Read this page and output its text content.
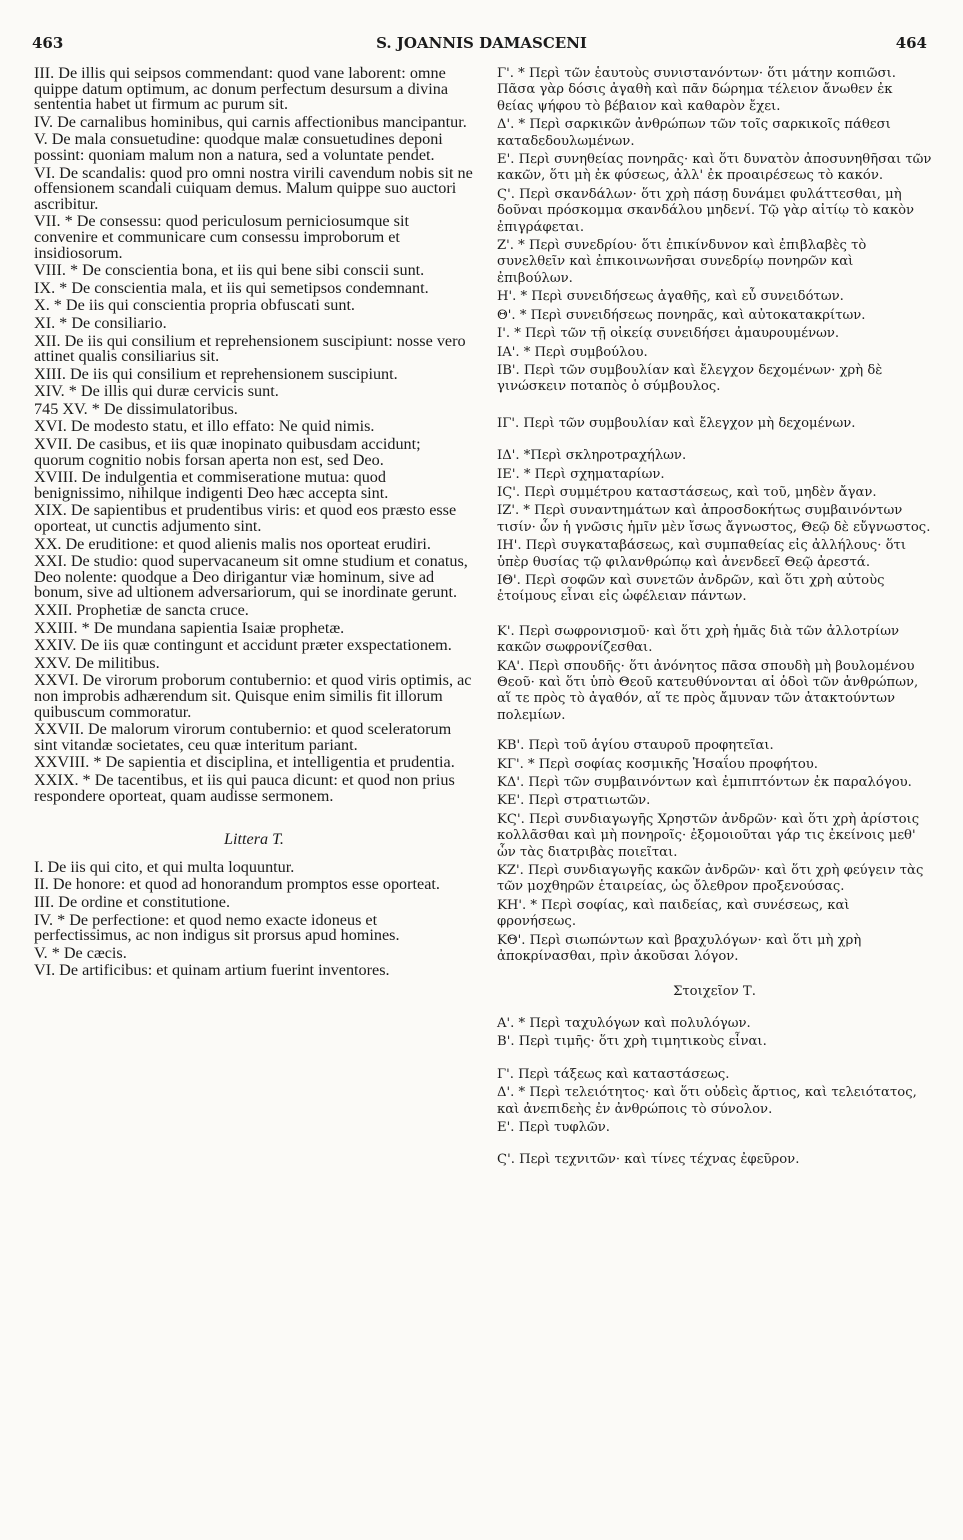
S. JOANNIS DAMASCENI
463	464
III. De illis qui seipsos commendant: quod vane laborent: omne quippe datum optimum, ac donum perfectum desursum a divina sententia habet ut firmum ac purum sit.
IV. De carnalibus hominibus, qui carnis affectionibus mancipantur.
V. De mala consuetudine: quodque malæ consuetudines deponi possint: quoniam malum non a natura, sed a voluntate pendet.
VI. De scandalis: quod pro omni nostra virili cavendum nobis sit ne offensionem scandali cuiquam demus. Malum quippe suo auctori ascribitur.
VII. * De consessu: quod periculosum perniciosumque sit convenire et communicare cum consessu improborum et insidiosorum.
VIII. * De conscientia bona, et iis qui bene sibi conscii sunt.
IX. * De conscientia mala, et iis qui semetipsos condemnant.
X. * De iis qui conscientia propria obfuscati sunt.
XI. * De consiliario.
XII. De iis qui consilium et reprehensionem suscipiunt: nosse vero attinet qualis consiliarius sit.
XIII. De iis qui consilium et reprehensionem suscipiunt.
XIV. * De illis qui duræ cervicis sunt.
745 XV. * De dissimulatoribus.
XVI. De modesto statu, et illo effato: Ne quid nimis.
XVII. De casibus, et iis quæ inopinato quibusdam accidunt; quorum cognitio nobis forsan aperta non est, sed Deo.
XVIII. De indulgentia et commiseratione mutua: quod benignissimo, nihilque indigenti Deo hæc accepta sint.
XIX. De sapientibus et prudentibus viris: et quod eos præsto esse oporteat, ut cunctis adjumento sint.
XX. De eruditione: et quod alienis malis nos oporteat erudiri.
XXI. De studio: quod supervacaneum sit omne studium et conatus, Deo nolente: quodque a Deo dirigantur viæ hominum, sive ad bonum, sive ad ultionem adversariorum, qui se inordinate gerunt.
XXII. Prophetiæ de sancta cruce.
XXIII. * De mundana sapientia Isaiæ prophetæ.
XXIV. De iis quæ contingunt et accidunt præter exspectationem.
XXV. De militibus.
XXVI. De virorum proborum contubernio: et quod viris optimis, ac non improbis adhærendum sit. Quisque enim similis fit illorum quibuscum commoratur.
XXVII. De malorum virorum contubernio: et quod sceleratorum sint vitandæ societates, ceu quæ interitum pariant.
XXVIII. * De sapientia et disciplina, et intelligentia et prudentia.
XXIX. * De tacentibus, et iis qui pauca dicunt: et quod non prius respondere oporteat, quam audisse sermonem.
Littera T.
I. De iis qui cito, et qui multa loquuntur.
II. De honore: et quod ad honorandum promptos esse oporteat.
III. De ordine et constitutione.
IV. * De perfectione: et quod nemo exacte idoneus et perfectissimus, ac non indigus sit prorsus apud homines.
V. * De cæcis.
VI. De artificibus: et quinam artium fuerint inventores.
Γ'. * Περὶ τῶν ἑαυτοὺς συνιστανόντων· ὅτι μάτην κοπιῶσι. Πᾶσα γὰρ δόσις ἀγαθὴ καὶ πᾶν δώρημα τέλειον ἄνωθεν ἐκ θείας ψήφου τὸ βέβαιον καὶ καθαρὸν ἔχει.
Δ'. * Περὶ σαρκικῶν ἀνθρώπων τῶν τοῖς σαρκικοῖς πάθεσι καταδεδουλωμένων.
Ε'. Περὶ συνηθείας πονηρᾶς· καὶ ὅτι δυνατὸν ἀποσυνηθῆσαι τῶν κακῶν, ὅτι μὴ ἐκ φύσεως, ἀλλ' ἐκ προαιρέσεως τὸ κακόν.
Ϛ'. Περὶ σκανδάλων· ὅτι χρὴ πάσῃ δυνάμει φυλάττεσθαι, μὴ δοῦναι πρόσκομμα σκανδάλου μηδενί. Τῷ γὰρ αἰτίῳ τὸ κακὸν ἐπιγράφεται.
Ζ'. * Περὶ συνεδρίου· ὅτι ἐπικίνδυνον καὶ ἐπιβλαβὲς τὸ συνελθεῖν καὶ ἐπικοινωνῆσαι συνεδρίῳ πονηρῶν καὶ ἐπιβούλων.
Η'. * Περὶ συνειδήσεως ἀγαθῆς, καὶ εὖ συνειδότων.
Θ'. * Περὶ συνειδήσεως πονηρᾶς, καὶ αὐτοκατακρίτων.
Ι'. * Περὶ τῶν τῇ οἰκείᾳ συνειδήσει ἀμαυρουμένων.
ΙΑ'. * Περὶ συμβούλου.
ΙΒ'. Περὶ τῶν συμβουλίαν καὶ ἔλεγχον δεχομένων· χρὴ δὲ γινώσκειν ποταπὸς ὁ σύμβουλος.
ΙΓ'. Περὶ τῶν συμβουλίαν καὶ ἔλεγχον μὴ δεχομένων.
ΙΔ'. *Περὶ σκληροτραχήλων.
ΙΕ'. * Περὶ σχηματαρίων.
ΙϚ'. Περὶ συμμέτρου καταστάσεως, καὶ τοῦ, μηδὲν ἄγαν.
ΙΖ'. * Περὶ συναντημάτων καὶ ἀπροσδοκήτως συμβαινόντων τισίν· ὧν ἡ γνῶσις ἡμῖν μὲν ἴσως ἄγνωστος, Θεῷ δὲ εὔγνωστος.
ΙΗ'. Περὶ συγκαταβάσεως, καὶ συμπαθείας εἰς ἀλλήλους· ὅτι ὑπὲρ θυσίας τῷ φιλανθρώπῳ καὶ ἀνενδεεῖ Θεῷ ἀρεστά.
ΙΘ'. Περὶ σοφῶν καὶ συνετῶν ἀνδρῶν, καὶ ὅτι χρὴ αὐτοὺς ἑτοίμους εἶναι εἰς ὠφέλειαν πάντων.
Κ'. Περὶ σωφρονισμοῦ· καὶ ὅτι χρὴ ἡμᾶς διὰ τῶν ἀλλοτρίων κακῶν σωφρονίζεσθαι.
ΚΑ'. Περὶ σπουδῆς· ὅτι ἀνόνητος πᾶσα σπουδὴ μὴ βουλομένου Θεοῦ· καὶ ὅτι ὑπὸ Θεοῦ κατευθύνονται αἱ ὁδοὶ τῶν ἀνθρώπων, αἵ τε πρὸς τὸ ἀγαθόν, αἵ τε πρὸς ἄμυναν τῶν ἀτακτούντων πολεμίων.
ΚΒ'. Περὶ τοῦ ἁγίου σταυροῦ προφητεῖαι.
ΚΓ'. * Περὶ σοφίας κοσμικῆς Ἡσαΐου προφήτου.
ΚΔ'. Περὶ τῶν συμβαινόντων καὶ ἐμπιπτόντων ἐκ παραλόγου.
ΚΕ'. Περὶ στρατιωτῶν.
ΚϚ'. Περὶ συνδιαγωγῆς Χρηστῶν ἀνδρῶν· καὶ ὅτι χρὴ ἀρίστοις κολλᾶσθαι καὶ μὴ πονηροῖς· ἐξομοιοῦται γάρ τις ἐκείνοις μεθ' ὧν τὰς διατριβὰς ποιεῖται.
ΚΖ'. Περὶ συνδιαγωγῆς κακῶν ἀνδρῶν· καὶ ὅτι χρὴ φεύγειν τὰς τῶν μοχθηρῶν ἑταιρείας, ὡς ὄλεθρον προξενούσας.
ΚΗ'. * Περὶ σοφίας, καὶ παιδείας, καὶ συνέσεως, καὶ φρονήσεως.
ΚΘ'. Περὶ σιωπώντων καὶ βραχυλόγων· καὶ ὅτι μὴ χρὴ ἀποκρίνασθαι, πρὶν ἀκοῦσαι λόγον.
Στοιχεῖον Τ.
Α'. * Περὶ ταχυλόγων καὶ πολυλόγων.
Β'. Περὶ τιμῆς· ὅτι χρὴ τιμητικοὺς εἶναι.
Γ'. Περὶ τάξεως καὶ καταστάσεως.
Δ'. * Περὶ τελειότητος· καὶ ὅτι οὐδεὶς ἄρτιος, καὶ τελειότατος, καὶ ἀνεπιδεὴς ἐν ἀνθρώποις τὸ σύνολον.
Ε'. Περὶ τυφλῶν.
Ϛ'. Περὶ τεχνιτῶν· καὶ τίνες τέχνας ἐφεῦρον.
